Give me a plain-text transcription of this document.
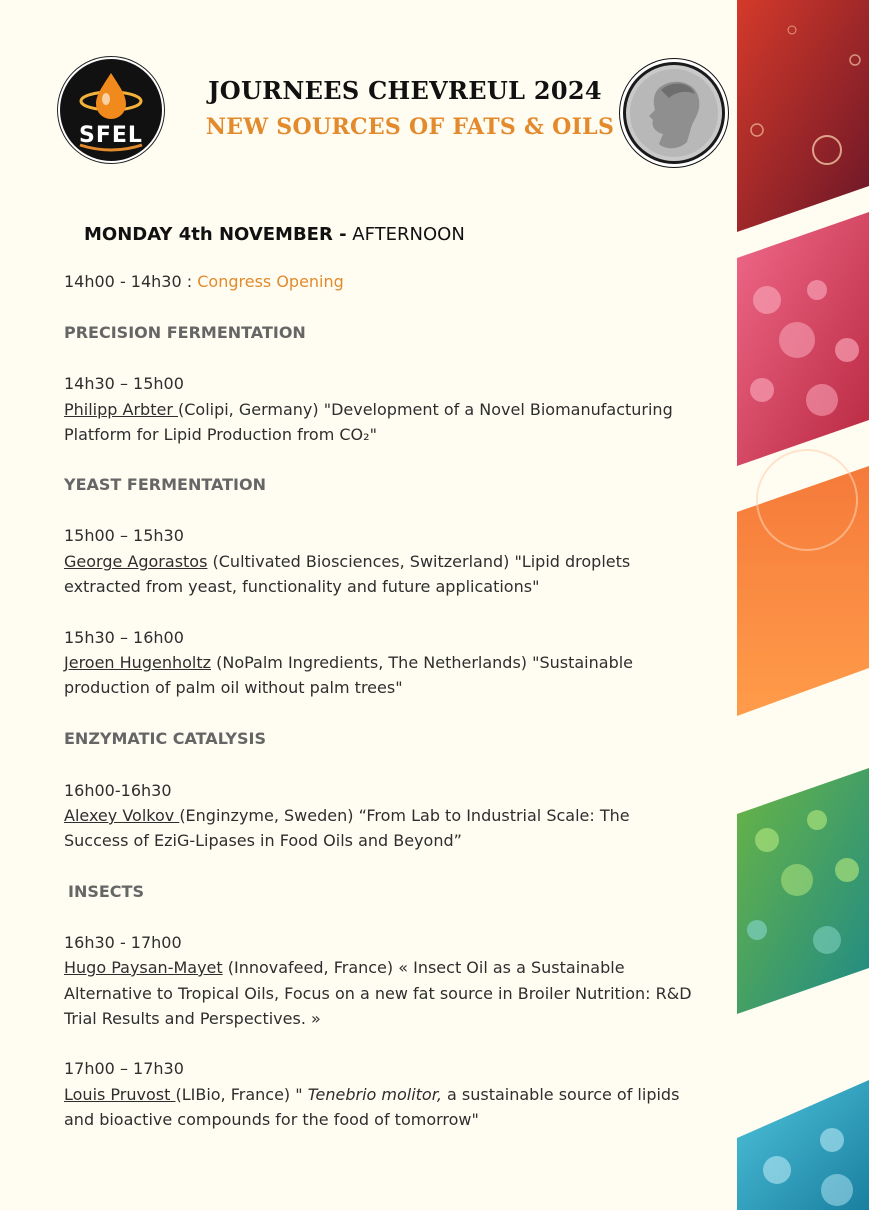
SFEL
JOURNEES CHEVREUL 2024
NEW SOURCES OF FATS & OILS
MONDAY 4th NOVEMBER - AFTERNOON
14h00 - 14h30 : Congress Opening
PRECISION FERMENTATION
14h30 – 15h00
Philipp Arbter (Colipi, Germany) "Development of a Novel Biomanufacturing
Platform for Lipid Production from CO₂"
YEAST FERMENTATION
15h00 – 15h30
George Agorastos (Cultivated Biosciences, Switzerland) "Lipid droplets
extracted from yeast, functionality and future applications"
15h30 – 16h00
Jeroen Hugenholtz (NoPalm Ingredients, The Netherlands) "Sustainable
production of palm oil without palm trees"
ENZYMATIC CATALYSIS
16h00-16h30
Alexey Volkov (Enginzyme, Sweden) “From Lab to Industrial Scale: The
Success of EziG-Lipases in Food Oils and Beyond”
INSECTS
16h30 - 17h00
Hugo Paysan-Mayet (Innovafeed, France) « Insect Oil as a Sustainable
Alternative to Tropical Oils, Focus on a new fat source in Broiler Nutrition: R&D
Trial Results and Perspectives. »
17h00 – 17h30
Louis Pruvost (LIBio, France) " Tenebrio molitor, a sustainable source of lipids
and bioactive compounds for the food of tomorrow"
